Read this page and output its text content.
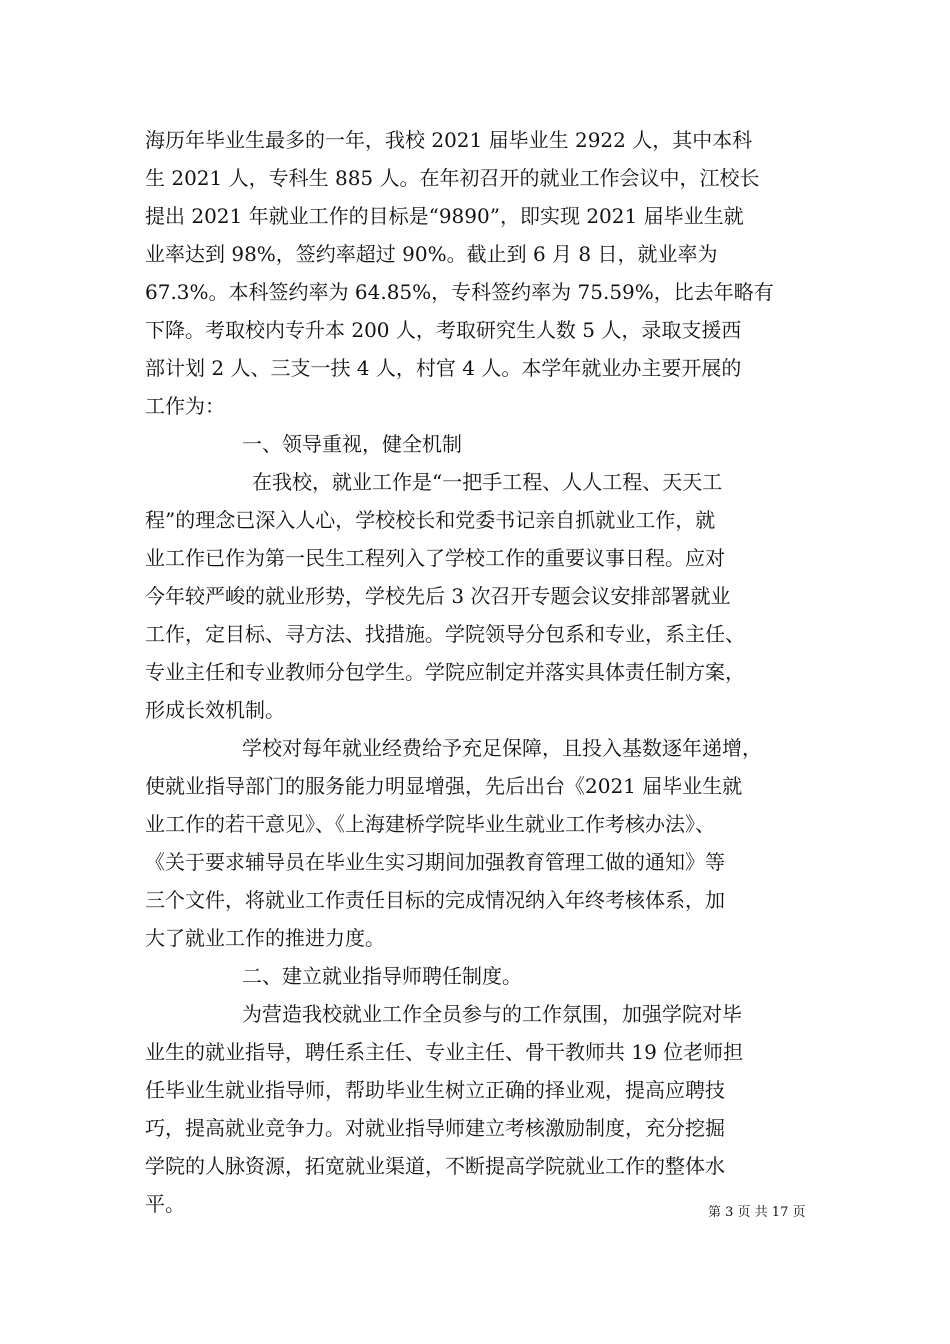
海历年毕业生最多的一年，我校 2021 届毕业生 2922 人，其中本科
生 2021 人，专科生 885 人。在年初召开的就业工作会议中，江校长
提出 2021 年就业工作的目标是“9890”，即实现 2021 届毕业生就
业率达到 98%，签约率超过 90%。截止到 6 月 8 日，就业率为
67.3%。本科签约率为 64.85%，专科签约率为 75.59%，比去年略有
下降。考取校内专升本 200 人，考取研究生人数 5 人，录取支援西
部计划 2 人、三支一扶 4 人，村官 4 人。本学年就业办主要开展的
工作为：
一、领导重视，健全机制
在我校，就业工作是“一把手工程、人人工程、天天工
程”的理念已深入人心，学校校长和党委书记亲自抓就业工作，就
业工作已作为第一民生工程列入了学校工作的重要议事日程。应对
今年较严峻的就业形势，学校先后 3 次召开专题会议安排部署就业
工作，定目标、寻方法、找措施。学院领导分包系和专业，系主任、
专业主任和专业教师分包学生。学院应制定并落实具体责任制方案，
形成长效机制。
学校对每年就业经费给予充足保障，且投入基数逐年递增，
使就业指导部门的服务能力明显增强，先后出台《2021 届毕业生就
业工作的若干意见》、《上海建桥学院毕业生就业工作考核办法》、
《关于要求辅导员在毕业生实习期间加强教育管理工做的通知》等
三个文件，将就业工作责任目标的完成情况纳入年终考核体系，加
大了就业工作的推进力度。
二、建立就业指导师聘任制度。
为营造我校就业工作全员参与的工作氛围，加强学院对毕
业生的就业指导，聘任系主任、专业主任、骨干教师共 19 位老师担
任毕业生就业指导师，帮助毕业生树立正确的择业观，提高应聘技
巧，提高就业竞争力。对就业指导师建立考核激励制度，充分挖掘
学院的人脉资源，拓宽就业渠道，不断提高学院就业工作的整体水
平。	第 3 页 共 17 页
